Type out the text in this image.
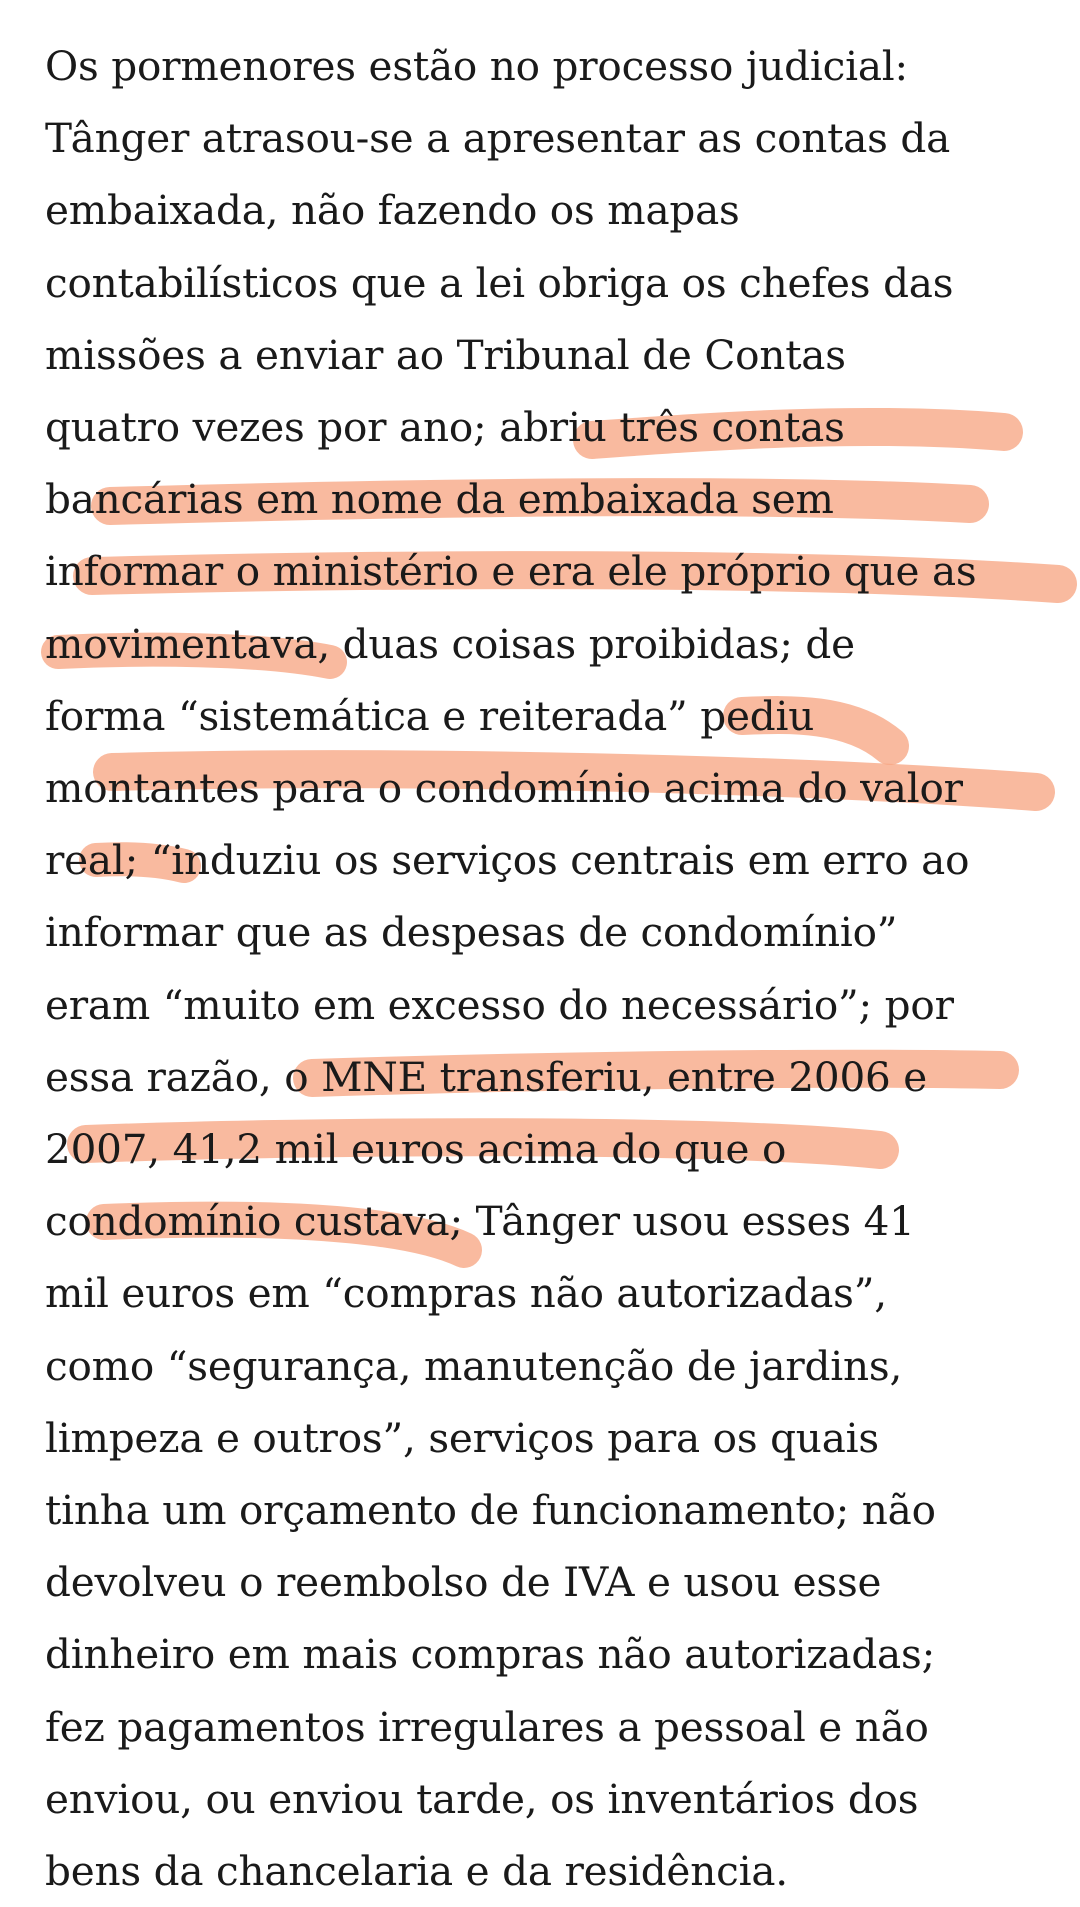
Os pormenores estão no processo judicial:
Tânger atrasou-se a apresentar as contas da
embaixada, não fazendo os mapas
contabilísticos que a lei obriga os chefes das
missões a enviar ao Tribunal de Contas
quatro vezes por ano; abriu três contas
bancárias em nome da embaixada sem
informar o ministério e era ele próprio que as
movimentava, duas coisas proibidas; de
forma “sistemática e reiterada” pediu
montantes para o condomínio acima do valor
real; “induziu os serviços centrais em erro ao
informar que as despesas de condomínio”
eram “muito em excesso do necessário”; por
essa razão, o MNE transferiu, entre 2006 e
2007, 41,2 mil euros acima do que o
condomínio custava; Tânger usou esses 41
mil euros em “compras não autorizadas”,
como “segurança, manutenção de jardins,
limpeza e outros”, serviços para os quais
tinha um orçamento de funcionamento; não
devolveu o reembolso de IVA e usou esse
dinheiro em mais compras não autorizadas;
fez pagamentos irregulares a pessoal e não
enviou, ou enviou tarde, os inventários dos
bens da chancelaria e da residência.
